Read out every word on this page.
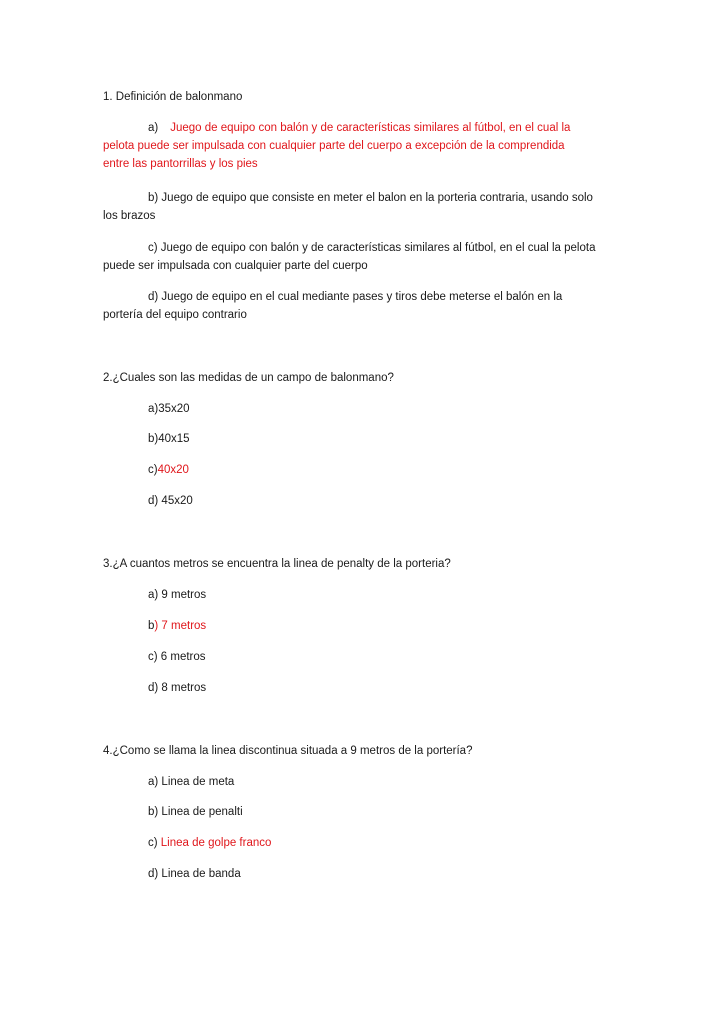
1. Definición de balonmano
a) Juego de equipo con balón y de características similares al fútbol, en el cual la
pelota puede ser impulsada con cualquier parte del cuerpo a excepción de la comprendida
entre las pantorrillas y los pies
b) Juego de equipo que consiste en meter el balon en la porteria contraria, usando solo
los brazos
c) Juego de equipo con balón y de características similares al fútbol, en el cual la pelota
puede ser impulsada con cualquier parte del cuerpo
d) Juego de equipo en el cual mediante pases y tiros debe meterse el balón en la
portería del equipo contrario
2.¿Cuales son las medidas de un campo de balonmano?
a)35x20
b)40x15
c)40x20
d) 45x20
3.¿A cuantos metros se encuentra la linea de penalty de la porteria?
a) 9 metros
b) 7 metros
c) 6 metros
d) 8 metros
4.¿Como se llama la linea discontinua situada a 9 metros de la portería?
a) Linea de meta
b) Linea de penalti
c) Linea de golpe franco
d) Linea de banda
